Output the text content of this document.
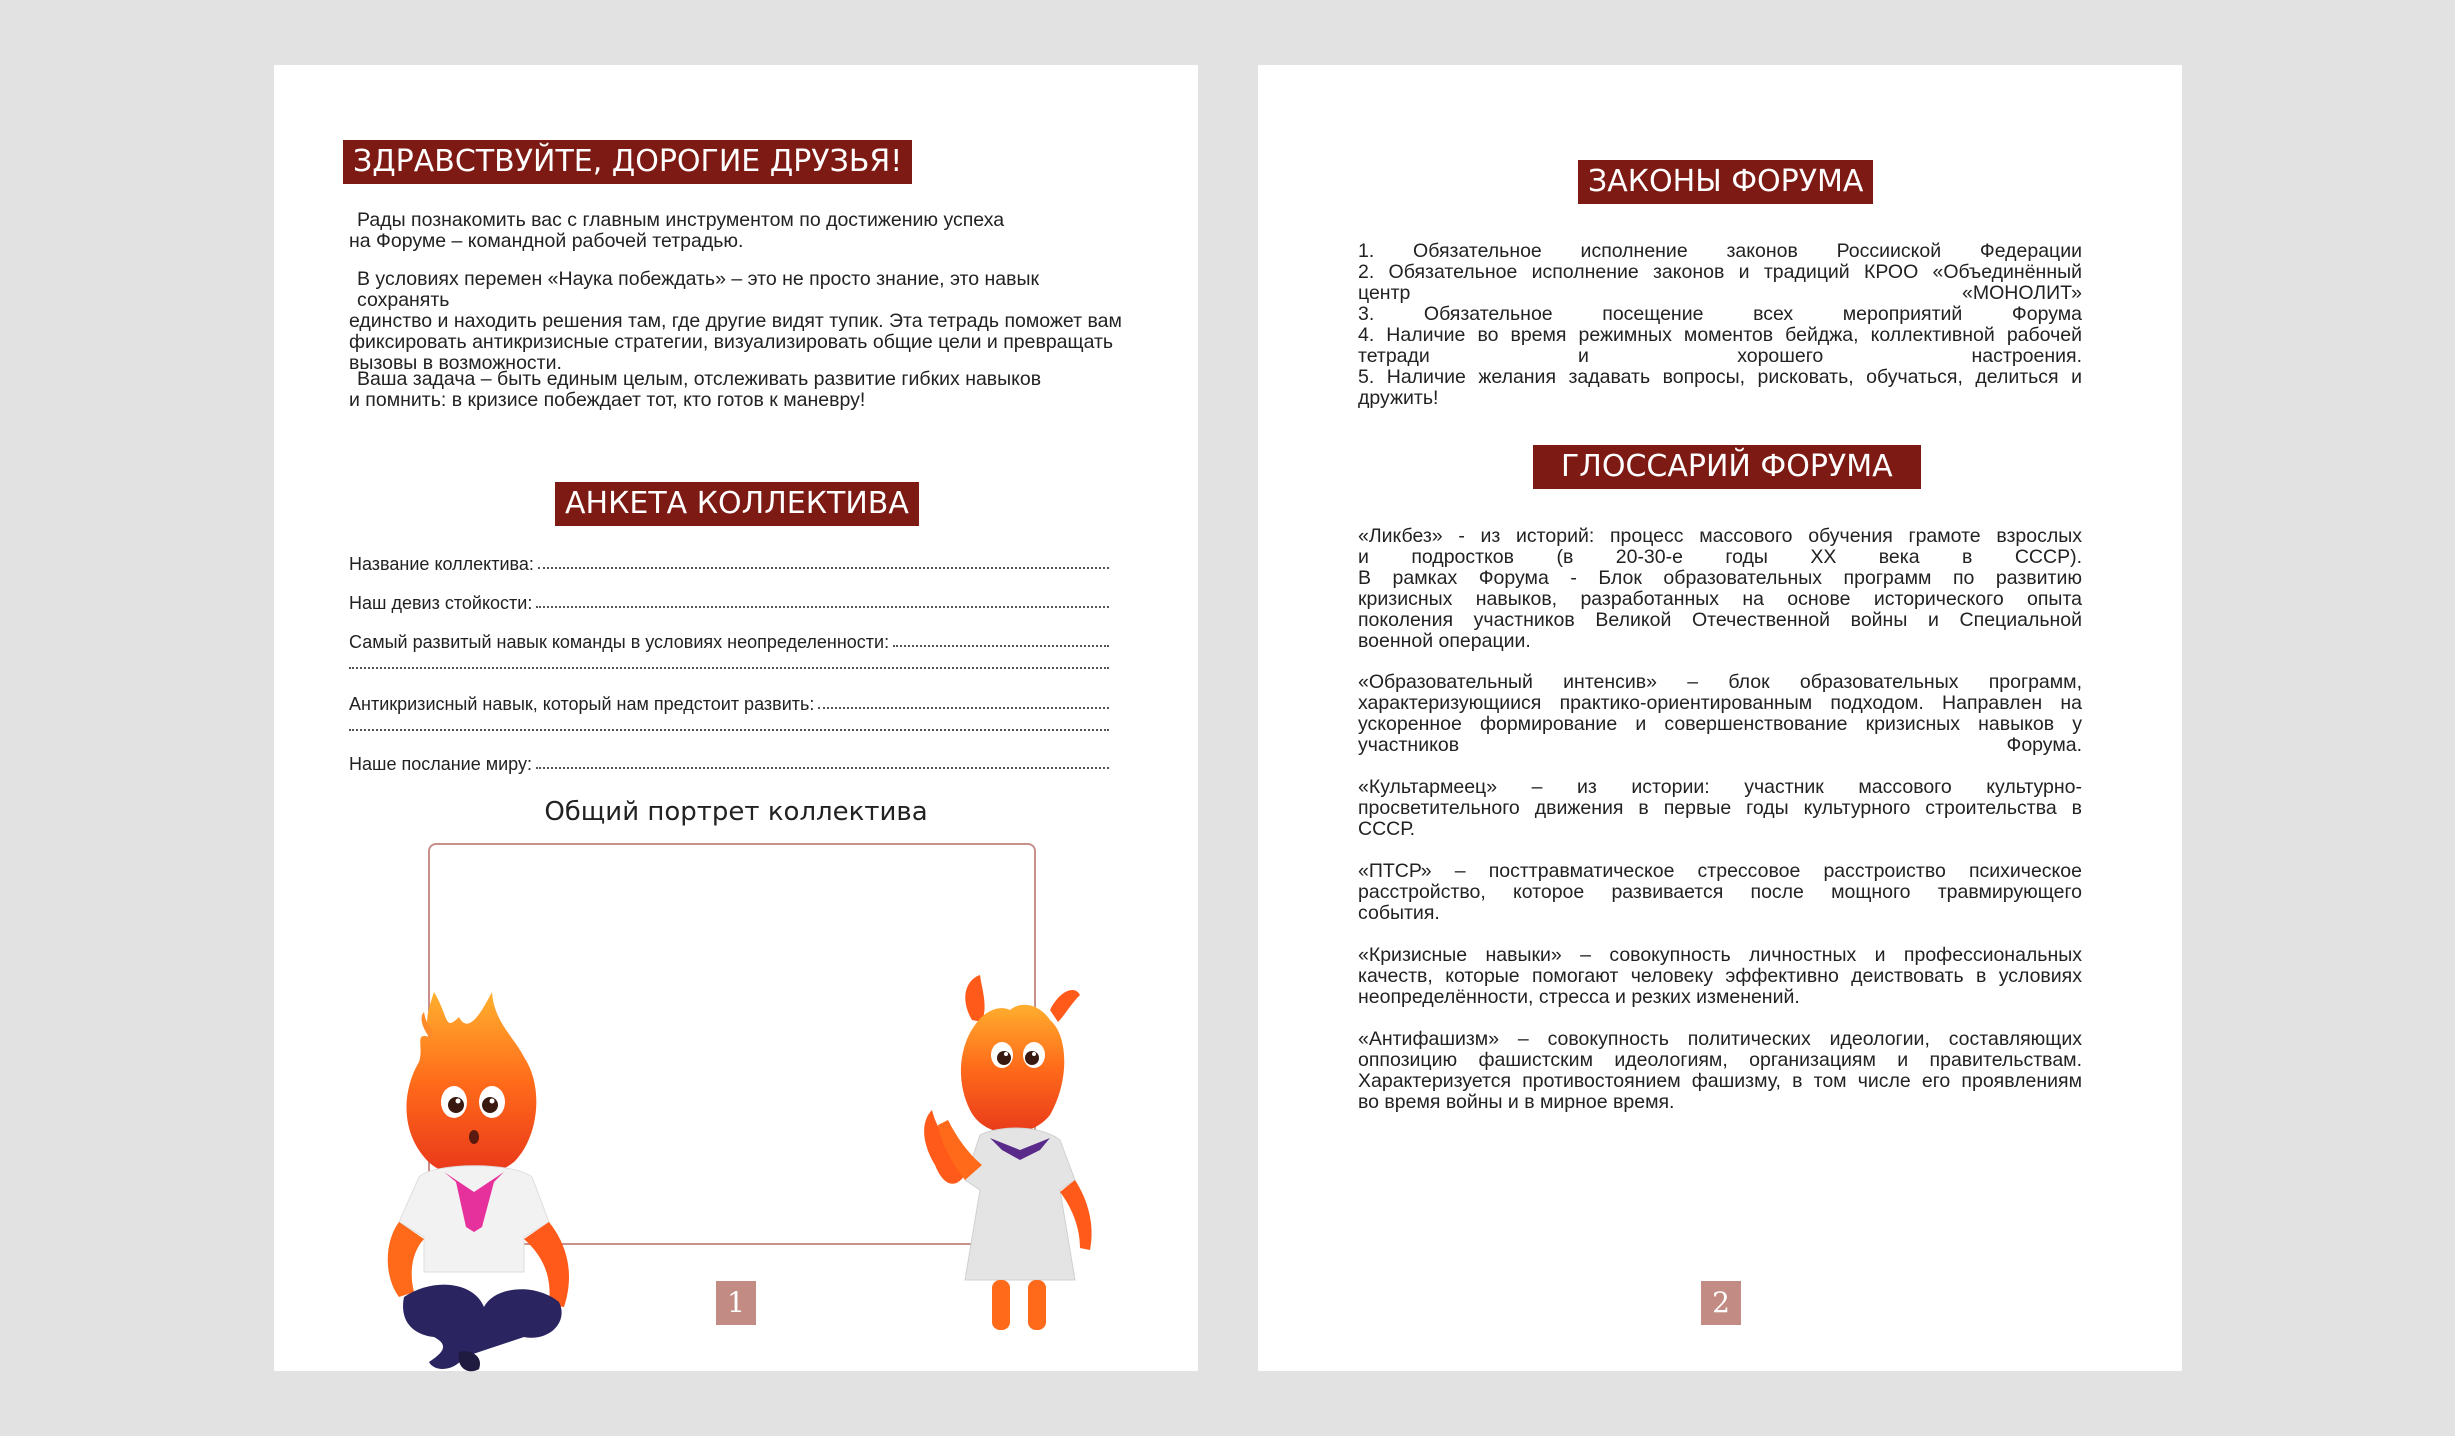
ЗДРАВСТВУЙТЕ, ДОРОГИЕ ДРУЗЬЯ!

Рады познакомить вас с главным инструментом по достижению успеха

на Форуме – командной рабочей тетрадью.

В условиях перемен «Наука побеждать» – это не просто знание, это навык сохранять

единство и находить решения там, где другие видят тупик. Эта тетрадь поможет вам

фиксировать антикризисные стратегии, визуализировать общие цели и превращать

вызовы в возможности.

Ваша задача – быть единым целым, отслеживать развитие гибких навыков

и помнить: в кризисе побеждает тот, кто готов к маневру!

АНКЕТА КОЛЛЕКТИВА
Название коллектива:
Наш девиз стойкости:
Самый развитый навык команды в условиях неопределенности:
Антикризисный навык, который нам предстоит развить:
Наше послание миру:
Общий портрет коллектива
1
ЗАКОНЫ ФОРУМА

1. Обязательное исполнение законов Россииской Федерации

2. Обязательное исполнение законов и традиций КРОО «Объединённый

центр «МОНОЛИТ»

3. Обязательное посещение всех мероприятий Форума

4. Наличие во время режимных моментов бейджа, коллективной рабочей

тетради и хорошего настроения.

5. Наличие желания задавать вопросы, рисковать, обучаться, делиться и

дружить!

ГЛОССАРИЙ ФОРУМА

«Ликбез» - из историй: процесс массового обучения грамоте взрослых

и подростков (в 20-30-е годы XX века в СССР).

В рамках Форума - Блок образовательных программ по развитию

кризисных навыков, разработанных на основе исторического опыта

поколения участников Великой Отечественной войны и Специальной

военной операции.

«Образовательный интенсив» – блок образовательных программ,

характеризующиися практико-ориентированным подходом. Направлен на

ускоренное формирование и совершенствование кризисных навыков у

участников Форума.

«Культармеец» – из истории: участник массового культурно-

просветительного движения в первые годы культурного строительства в

СССР.

«ПТСР» – посттравматическое стрессовое расстроиство психическое

расстройство, которое развивается после мощного травмирующего

события.

«Кризисные навыки» – совокупность личностных и профессиональных

качеств, которые помогают человеку эффективно деиствовать в условиях

неопределённости, стресса и резких изменений.

«Антифашизм» – совокупность политических идеологии, составляющих

оппозицию фашистским идеологиям, организациям и правительствам.

Характеризуется противостоянием фашизму, в том числе его проявлениям

во время войны и в мирное время.

2
